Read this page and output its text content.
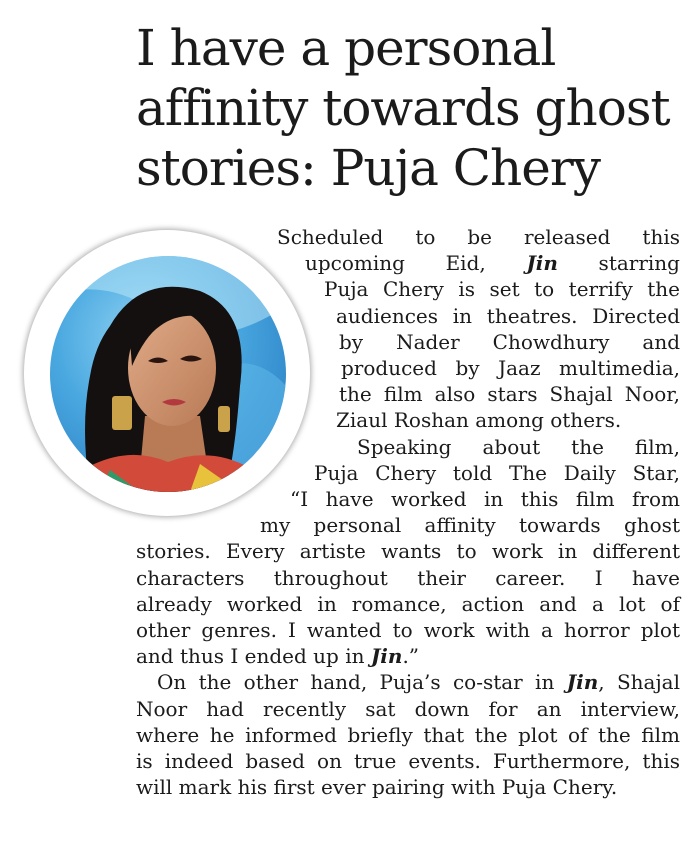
I have a personal affinity towards ghost stories: Puja Chery
Scheduled to be released this
upcoming Eid, Jin starring
Puja Chery is set to terrify the
audiences in theatres. Directed
by Nader Chowdhury and
produced by Jaaz multimedia,
the film also stars Shajal Noor,
Ziaul Roshan among others.
Speaking about the film,
Puja Chery told The Daily Star,
“I have worked in this film from
my personal affinity towards ghost
stories. Every artiste wants to work in different
characters throughout their career. I have
already worked in romance, action and a lot of
other genres. I wanted to work with a horror plot
and thus I ended up in Jin.”
On the other hand, Puja’s co-star in Jin, Shajal
Noor had recently sat down for an interview,
where he informed briefly that the plot of the film
is indeed based on true events. Furthermore, this
will mark his first ever pairing with Puja Chery.
